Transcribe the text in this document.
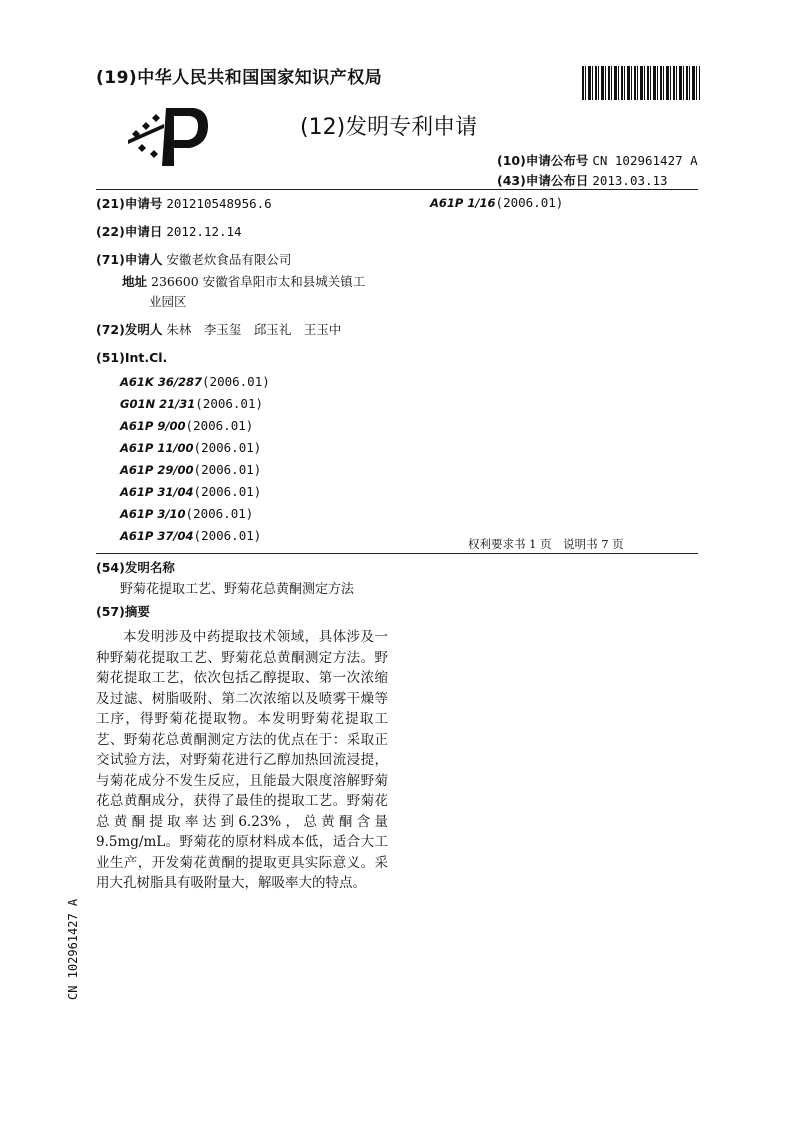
(19)中华人民共和国国家知识产权局
(12)发明专利申请
(10)申请公布号 CN 102961427 A
(43)申请公布日 2013.03.13
(21)申请号 201210548956.6	A61P 1/16(2006.01)
(22)申请日 2012.12.14
(71)申请人 安徽老炊食品有限公司
地址 236600 安徽省阜阳市太和县城关镇工
业园区
(72)发明人 朱林　李玉玺　邱玉礼　王玉中
(51)Int.Cl.
A61K 36/287(2006.01)
G01N 21/31(2006.01)
A61P 9/00(2006.01)
A61P 11/00(2006.01)
A61P 29/00(2006.01)
A61P 31/04(2006.01)
A61P 3/10(2006.01)
A61P 37/04(2006.01)
权利要求书 1 页　说明书 7 页
(54)发明名称
野菊花提取工艺、野菊花总黄酮测定方法
(57)摘要
本发明涉及中药提取技术领域，具体涉及一种野菊花提取工艺、野菊花总黄酮测定方法。野菊花提取工艺，依次包括乙醇提取、第一次浓缩及过滤、树脂吸附、第二次浓缩以及喷雾干燥等工序，得野菊花提取物。本发明野菊花提取工艺、野菊花总黄酮测定方法的优点在于：采取正交试验方法，对野菊花进行乙醇加热回流浸提，与菊花成分不发生反应，且能最大限度溶解野菊花总黄酮成分，获得了最佳的提取工艺。野菊花总黄酮提取率达到6.23%，总黄酮含量9.5mg/mL。野菊花的原材料成本低，适合大工业生产，开发菊花黄酮的提取更具实际意义。采用大孔树脂具有吸附量大，解吸率大的特点。
CN 102961427 A
